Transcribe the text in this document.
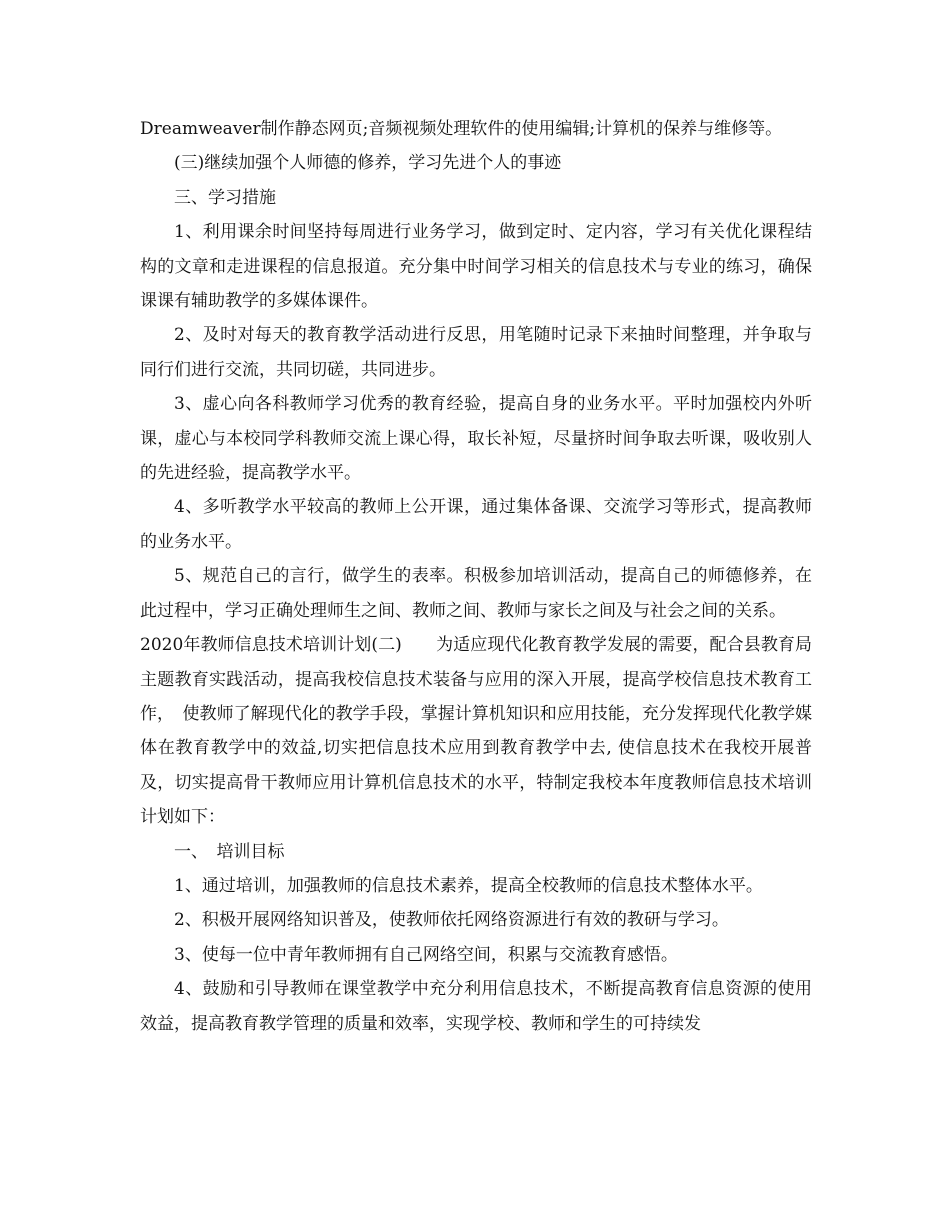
Dreamweaver制作静态网页;音频视频处理软件的使用编辑;计算机的保养与维修等。

(三)继续加强个人师德的修养，学习先进个人的事迹

三、学习措施

1、利用课余时间坚持每周进行业务学习，做到定时、定内容，学习有关优化课程结构的文章和走进课程的信息报道。充分集中时间学习相关的信息技术与专业的练习，确保课课有辅助教学的多媒体课件。

2、及时对每天的教育教学活动进行反思，用笔随时记录下来抽时间整理，并争取与同行们进行交流，共同切磋，共同进步。

3、虚心向各科教师学习优秀的教育经验，提高自身的业务水平。平时加强校内外听课，虚心与本校同学科教师交流上课心得，取长补短，尽量挤时间争取去听课，吸收别人的先进经验，提高教学水平。

4、多听教学水平较高的教师上公开课，通过集体备课、交流学习等形式，提高教师的业务水平。

5、规范自己的言行，做学生的表率。积极参加培训活动，提高自己的师德修养，在此过程中，学习正确处理师生之间、教师之间、教师与家长之间及与社会之间的关系。

2020年教师信息技术培训计划(二)　　为适应现代化教育教学发展的需要，配合县教育局主题教育实践活动，提高我校信息技术装备与应用的深入开展，提高学校信息技术教育工作，　使教师了解现代化的教学手段，掌握计算机知识和应用技能，充分发挥现代化教学媒体在教育教学中的效益,切实把信息技术应用到教育教学中去, 使信息技术在我校开展普及，切实提高骨干教师应用计算机信息技术的水平，特制定我校本年度教师信息技术培训计划如下：

一、　培训目标

1、通过培训，加强教师的信息技术素养，提高全校教师的信息技术整体水平。

2、积极开展网络知识普及，使教师依托网络资源进行有效的教研与学习。

3、使每一位中青年教师拥有自己网络空间，积累与交流教育感悟。

4、鼓励和引导教师在课堂教学中充分利用信息技术，不断提高教育信息资源的使用效益，提高教育教学管理的质量和效率，实现学校、教师和学生的可持续发
